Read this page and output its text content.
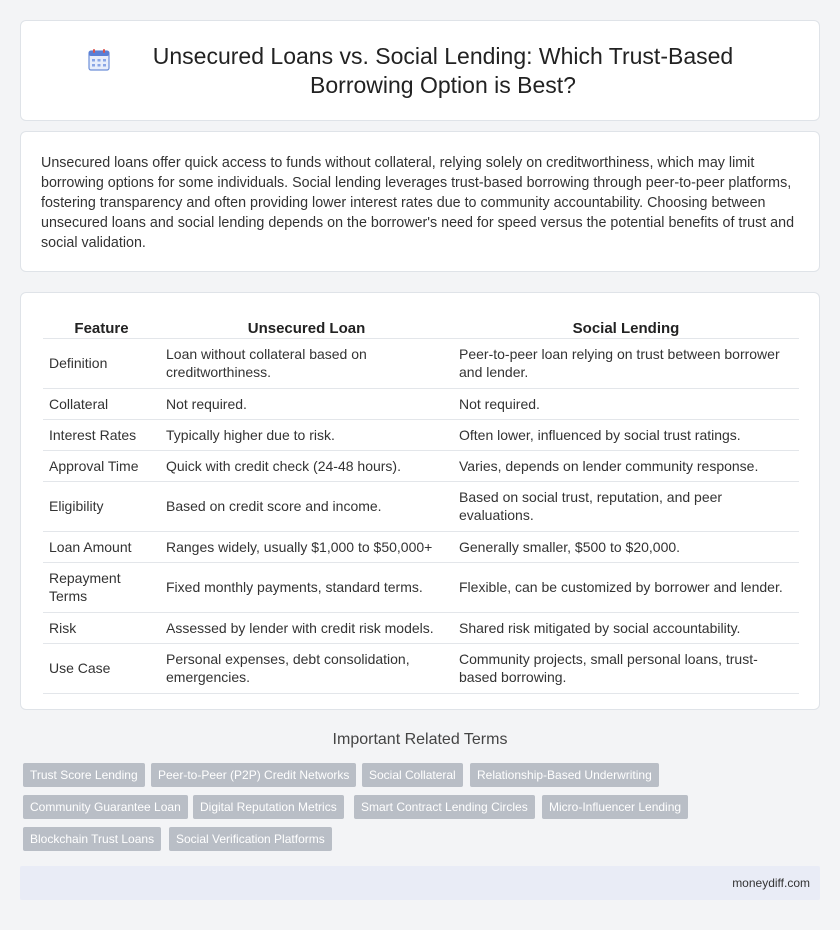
Unsecured Loans vs. Social Lending: Which Trust-Based Borrowing Option is Best?

Unsecured loans offer quick access to funds without collateral, relying solely on creditworthiness, which may limit borrowing options for some individuals. Social lending leverages trust-based borrowing through peer-to-peer platforms, fostering transparency and often providing lower interest rates due to community accountability. Choosing between unsecured loans and social lending depends on the borrower's need for speed versus the potential benefits of trust and social validation.

Feature	Unsecured Loan	Social Lending
Definition	Loan without collateral based on creditworthiness.	Peer-to-peer loan relying on trust between borrower and lender.
Collateral	Not required.	Not required.
Interest Rates	Typically higher due to risk.	Often lower, influenced by social trust ratings.
Approval Time	Quick with credit check (24-48 hours).	Varies, depends on lender community response.
Eligibility	Based on credit score and income.	Based on social trust, reputation, and peer evaluations.
Loan Amount	Ranges widely, usually $1,000 to $50,000+	Generally smaller, $500 to $20,000.
Repayment Terms	Fixed monthly payments, standard terms.	Flexible, can be customized by borrower and lender.
Risk	Assessed by lender with credit risk models.	Shared risk mitigated by social accountability.
Use Case	Personal expenses, debt consolidation, emergencies.	Community projects, small personal loans, trust-based borrowing.
Important Related Terms
Trust Score Lending	Peer-to-Peer (P2P) Credit Networks	Social Collateral	Relationship-Based Underwriting
Community Guarantee Loan	Digital Reputation Metrics	Smart Contract Lending Circles	Micro-Influencer Lending
Blockchain Trust Loans	Social Verification Platforms
moneydiff.com
